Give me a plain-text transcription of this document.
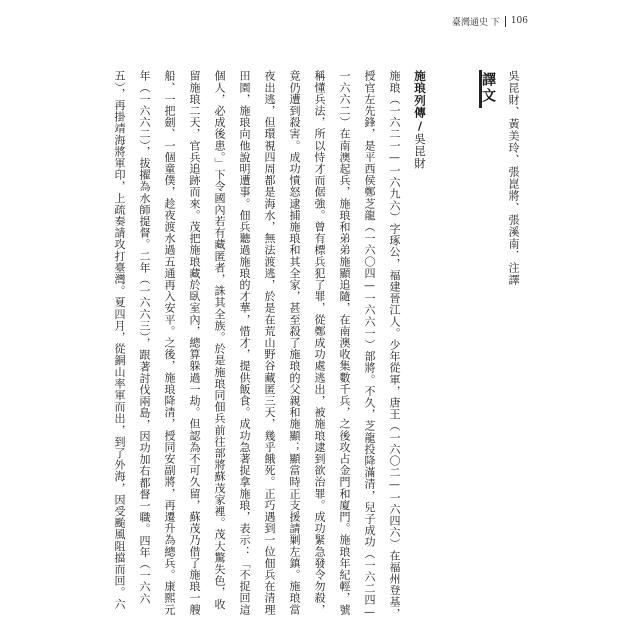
臺灣通史 下 106
譯文 吳昆財、黃美玲、張崑將、張溪南．注譯
施琅列傳/吳昆財
施琅（一六二一—一六九六）字琢公，福建晉江人。少年從軍，唐王（一六〇二—一六四六）在福州登基，授官左先鋒，是平西侯鄭芝龍（一六〇四—一六六一）部將。不久，芝龍投降滿清，兒子成功（一六二四—一六六二）在南澳起兵，施琅和弟弟施顯追隨，在南澳收集數千兵，之後攻占金門和廈門。施琅年紀輕，號稱懂兵法，所以恃才而倨強。曾有標兵犯了罪，從鄭成功處逃出，被施琅逮到欲治罪。成功緊急發令勿殺，竟仍遭到殺害。成功憤怒逮捕施琅和其全家，甚至殺了施琅的父親和施顯；顯當時正支援請剿左鎮。施琅當夜出逃，但環視四周都是海水，無法渡逃，於是在荒山野谷藏匿三天，幾乎餓死。正巧遇到一位佃兵在清理田園，施琅向他說明遭事。佃兵聽過施琅的才華，惜才，提供飯食。成功急著捉拿施琅，表示：「不捉回這個人，必成後患。」下令國內若有藏匿者，誅其全族。於是施琅同佃兵前往部將蘇茂家裡。茂大驚失色，收留施琅二天，官兵追跡而來。茂把施琅藏於臥室內，總算躲過一劫。但認為不可久留，蘇茂乃借了施琅一艘船、一把劍、一個童僕，趁夜渡水過五通再入安平。之後，施琅降清，授同安副將，再遷升為總兵。康熙元年（一六六二），拔擢為水師提督。二年（一六六三），跟著討伐兩島，因功加右都督一職。四年（一六六五），再掛靖海將軍印，上疏奏請攻打臺灣。夏四月，從銅山率軍而出，到了外海，因受颱風阻擋而回。六
